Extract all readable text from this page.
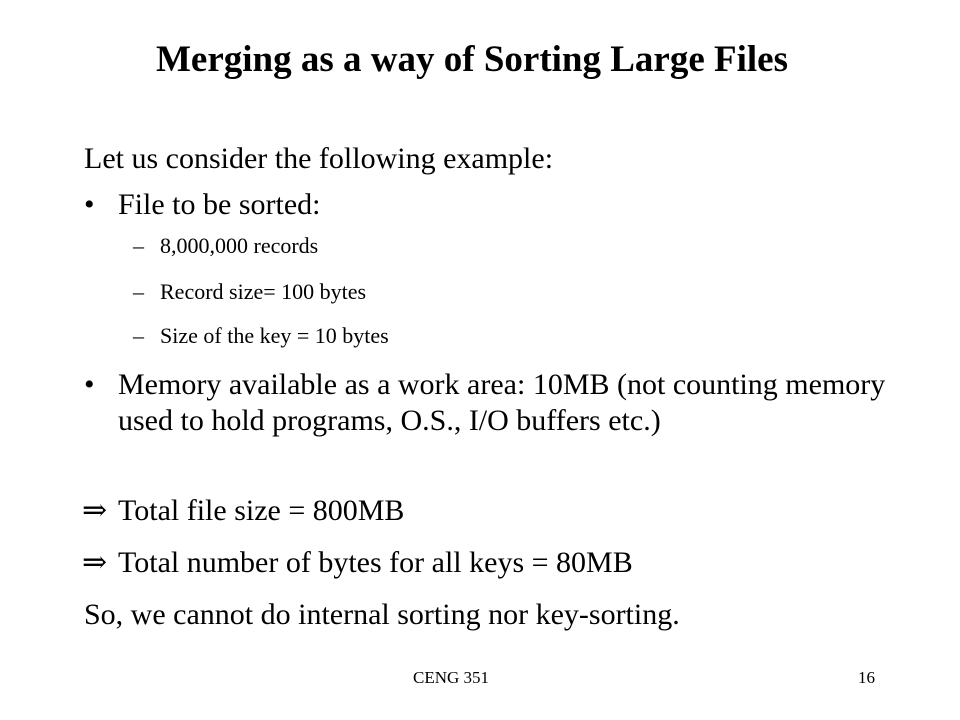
Merging as a way of Sorting Large Files
Let us consider the following example:
• File to be sorted:
– 8,000,000 records
– Record size= 100 bytes
– Size of the key = 10 bytes
• Memory available as a work area: 10MB (not counting memory used to hold programs, O.S., I/O buffers etc.)
⇒ Total file size = 800MB
⇒ Total number of bytes for all keys = 80MB
So, we cannot do internal sorting nor key-sorting.
CENG 351	16
